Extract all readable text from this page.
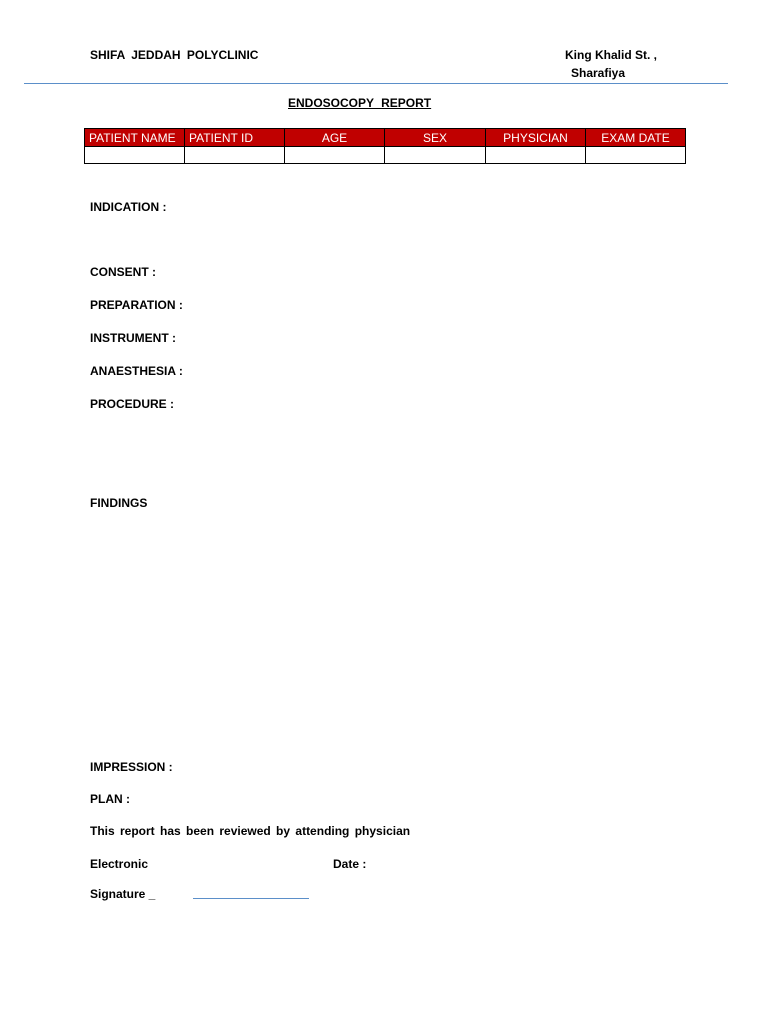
SHIFA JEDDAH POLYCLINIC	King Khalid St. ,
Sharafiya
ENDOSOCOPY REPORT
PATIENT NAME	PATIENT ID	AGE	SEX	PHYSICIAN	EXAM DATE

INDICATION :
CONSENT :
PREPARATION :
INSTRUMENT :
ANAESTHESIA :
PROCEDURE :
FINDINGS
IMPRESSION :
PLAN :
This report has been reviewed by attending physician
Electronic	Date :
Signature _
